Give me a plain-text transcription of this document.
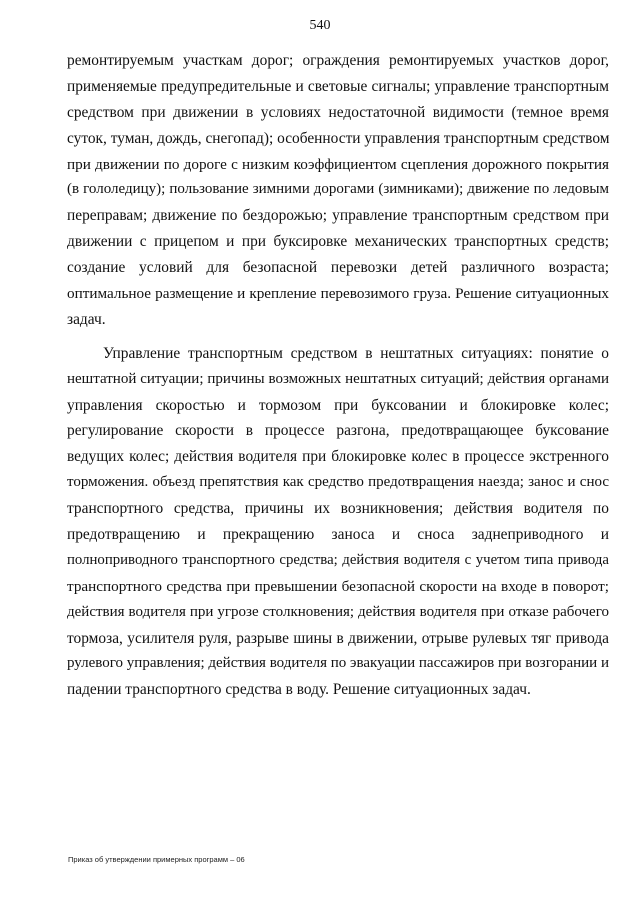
540
ремонтируемым участкам дорог; ограждения ремонтируемых участков дорог,
применяемые предупредительные и световые сигналы; управление транспортным
средством при движении в условиях недостаточной видимости (темное время
суток, туман, дождь, снегопад); особенности управления транспортным средством
при движении по дороге с низким коэффициентом сцепления дорожного покрытия
(в гололедицу); пользование зимними дорогами (зимниками); движение по ледовым
переправам; движение по бездорожью; управление транспортным средством при
движении с прицепом и при буксировке механических транспортных средств;
создание условий для безопасной перевозки детей различного возраста;
оптимальное размещение и крепление перевозимого груза. Решение ситуационных
задач.
Управление транспортным средством в нештатных ситуациях: понятие о
нештатной ситуации; причины возможных нештатных ситуаций; действия органами
управления скоростью и тормозом при буксовании и блокировке колес;
регулирование скорости в процессе разгона, предотвращающее буксование
ведущих колес; действия водителя при блокировке колес в процессе экстренного
торможения. объезд препятствия как средство предотвращения наезда; занос и снос
транспортного средства, причины их возникновения; действия водителя по
предотвращению и прекращению заноса и сноса заднеприводного и
полноприводного транспортного средства; действия водителя с учетом типа привода
транспортного средства при превышении безопасной скорости на входе в поворот;
действия водителя при угрозе столкновения; действия водителя при отказе рабочего
тормоза, усилителя руля, разрыве шины в движении, отрыве рулевых тяг привода
рулевого управления; действия водителя по эвакуации пассажиров при возгорании и
падении транспортного средства в воду. Решение ситуационных задач.
Приказ об утверждении примерных программ – 06
